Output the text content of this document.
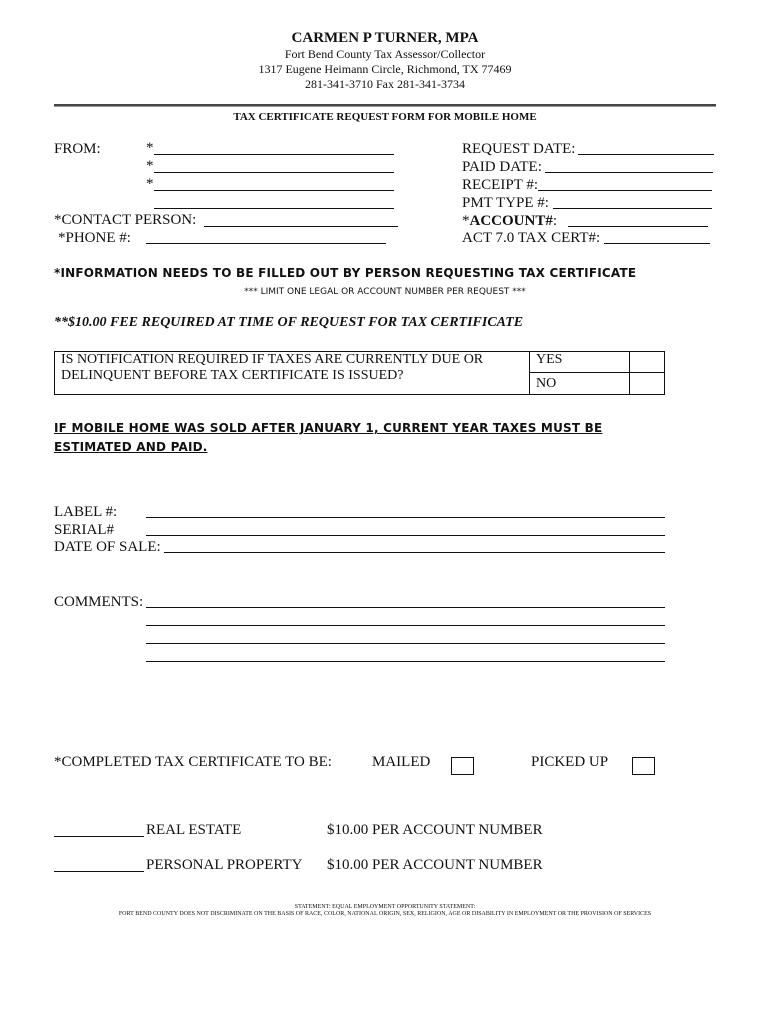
CARMEN P TURNER, MPA
Fort Bend County Tax Assessor/Collector
1317 Eugene Heimann Circle, Richmond, TX 77469
281-341-3710 Fax 281-341-3734
TAX CERTIFICATE REQUEST FORM FOR MOBILE HOME
FROM:	*
*
*
*CONTACT PERSON:
*PHONE #:
REQUEST DATE:
PAID DATE:
RECEIPT #:
PMT TYPE #:
*ACCOUNT#:
ACT 7.0 TAX CERT#:
*INFORMATION NEEDS TO BE FILLED OUT BY PERSON REQUESTING TAX CERTIFICATE
*** LIMIT ONE LEGAL OR ACCOUNT NUMBER PER REQUEST ***
**$10.00 FEE REQUIRED AT TIME OF REQUEST FOR TAX CERTIFICATE
IS NOTIFICATION REQUIRED IF TAXES ARE CURRENTLY DUE OR
DELINQUENT BEFORE TAX CERTIFICATE IS ISSUED?	YES	
	NO	
IF MOBILE HOME WAS SOLD AFTER JANUARY 1, CURRENT YEAR TAXES MUST BE
ESTIMATED AND PAID.
LABEL #:
SERIAL#
DATE OF SALE:
COMMENTS:
*COMPLETED TAX CERTIFICATE TO BE:	MAILED	PICKED UP
REAL ESTATE	$10.00 PER ACCOUNT NUMBER
PERSONAL PROPERTY $10.00 PER ACCOUNT NUMBER
STATEMENT: EQUAL EMPLOYMENT OPPORTUNITY STATEMENT:
FORT BEND COUNTY DOES NOT DISCRIMINATE ON THE BASIS OF RACE, COLOR, NATIONAL ORIGIN, SEX, RELIGION, AGE OR DISABILITY IN EMPLOYMENT OR THE PROVISION OF SERVICES
